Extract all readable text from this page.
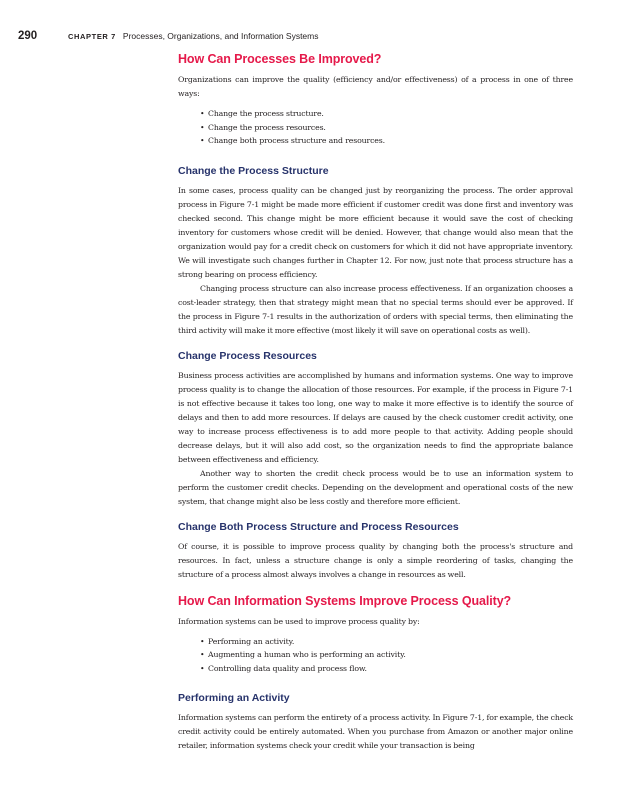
290	CHAPTER 7 Processes, Organizations, and Information Systems
How Can Processes Be Improved?

Organizations can improve the quality (efficiency and/or effectiveness) of a process in one of three ways:

• Change the process structure.
• Change the process resources.
• Change both process structure and resources.
Change the Process Structure

In some cases, process quality can be changed just by reorganizing the process. The order approval process in Figure 7-1 might be made more efficient if customer credit was done first and inventory was checked second. This change might be more efficient because it would save the cost of checking inventory for customers whose credit will be denied. However, that change would also mean that the organization would pay for a credit check on customers for which it did not have appropriate inventory. We will investigate such changes further in Chapter 12. For now, just note that process structure has a strong bearing on process efficiency.

Changing process structure can also increase process effectiveness. If an organization chooses a cost-leader strategy, then that strategy might mean that no special terms should ever be approved. If the process in Figure 7-1 results in the authorization of orders with special terms, then eliminating the third activity will make it more effective (most likely it will save on operational costs as well).

Change Process Resources

Business process activities are accomplished by humans and information systems. One way to improve process quality is to change the allocation of those resources. For example, if the process in Figure 7-1 is not effective because it takes too long, one way to make it more effective is to identify the source of delays and then to add more resources. If delays are caused by the check customer credit activity, one way to increase process effectiveness is to add more people to that activity. Adding people should decrease delays, but it will also add cost, so the organization needs to find the appropriate balance between effectiveness and efficiency.

Another way to shorten the credit check process would be to use an information system to perform the customer credit checks. Depending on the development and operational costs of the new system, that change might also be less costly and therefore more efficient.

Change Both Process Structure and Process Resources

Of course, it is possible to improve process quality by changing both the process's structure and resources. In fact, unless a structure change is only a simple reordering of tasks, changing the structure of a process almost always involves a change in resources as well.

How Can Information Systems Improve Process Quality?

Information systems can be used to improve process quality by:

• Performing an activity.
• Augmenting a human who is performing an activity.
• Controlling data quality and process flow.
Performing an Activity

Information systems can perform the entirety of a process activity. In Figure 7-1, for example, the check credit activity could be entirely automated. When you purchase from Amazon or another major online retailer, information systems check your credit while your transaction is being
